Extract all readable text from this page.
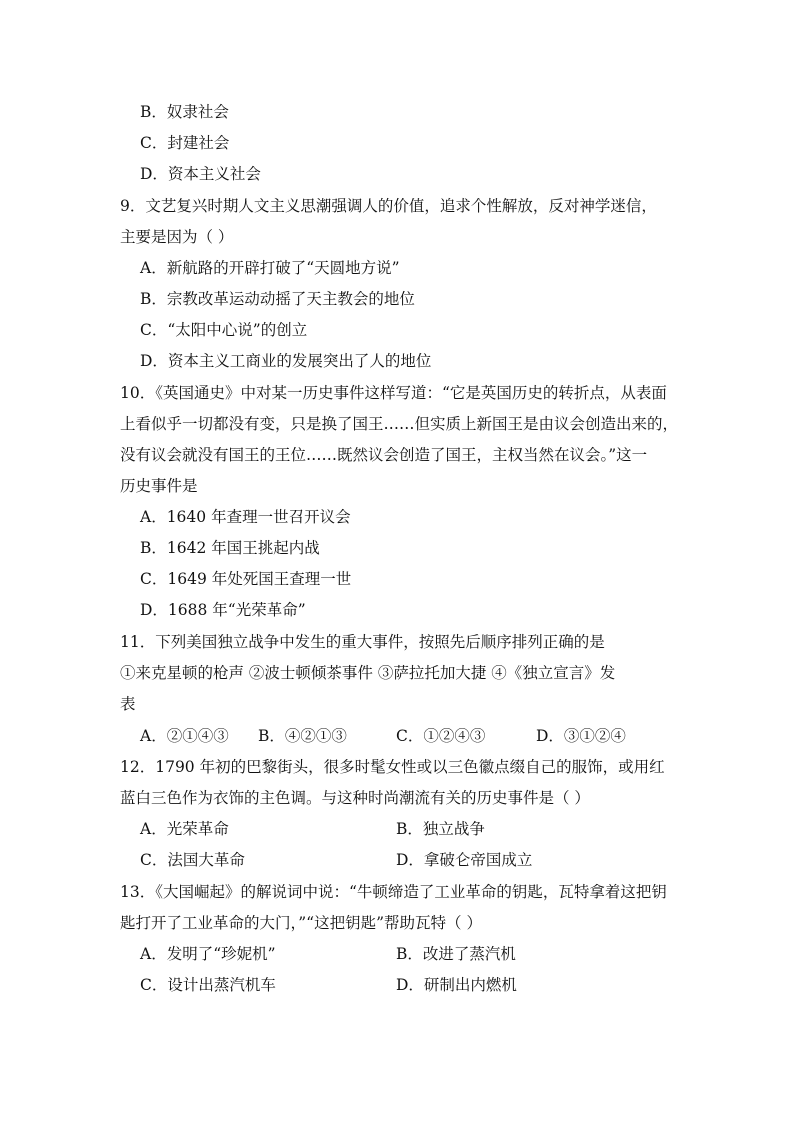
B．奴隶社会
C．封建社会
D．资本主义社会
9．文艺复兴时期人文主义思潮强调人的价值，追求个性解放，反对神学迷信，
主要是因为（ ）
A．新航路的开辟打破了“天圆地方说”
B．宗教改革运动动摇了天主教会的地位
C．“太阳中心说”的创立
D．资本主义工商业的发展突出了人的地位
10．《英国通史》中对某一历史事件这样写道：“它是英国历史的转折点，从表面
上看似乎一切都没有变，只是换了国王……但实质上新国王是由议会创造出来的，
没有议会就没有国王的王位……既然议会创造了国王，主权当然在议会。”这一
历史事件是
A．1640 年查理一世召开议会
B．1642 年国王挑起内战
C．1649 年处死国王查理一世
D．1688 年“光荣革命”
11．下列美国独立战争中发生的重大事件，按照先后顺序排列正确的是
①来克星顿的枪声 ②波士顿倾茶事件 ③萨拉托加大捷 ④《独立宣言》发
表
A．②①④③ B．④②①③	C．①②④③	D．③①②④
12．1790 年初的巴黎街头，很多时髦女性或以三色徽点缀自己的服饰，或用红
蓝白三色作为衣饰的主色调。与这种时尚潮流有关的历史事件是（ ）
A．光荣革命	B．独立战争
C．法国大革命	D．拿破仑帝国成立
13．《大国崛起》的解说词中说：“牛顿缔造了工业革命的钥匙，瓦特拿着这把钥
匙打开了工业革命的大门，”“这把钥匙”帮助瓦特（ ）
A．发明了“珍妮机”	B．改进了蒸汽机
C．设计出蒸汽机车	D．研制出内燃机
